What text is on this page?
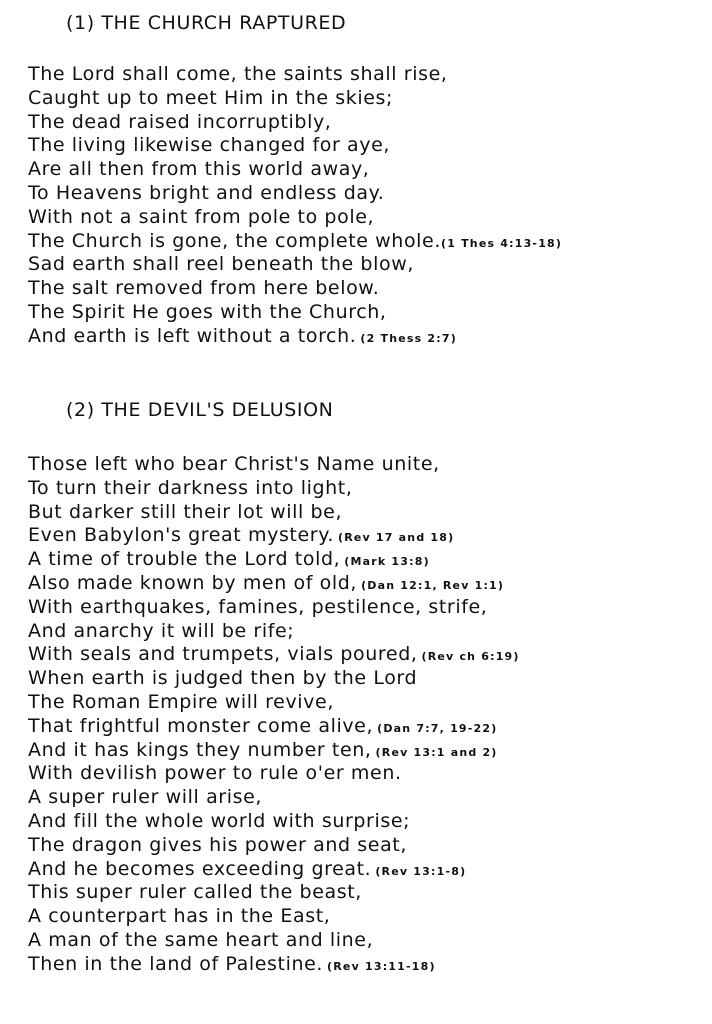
(1) THE CHURCH RAPTURED
The Lord shall come, the saints shall rise,
Caught up to meet Him in the skies;
The dead raised incorruptibly,
The living likewise changed for aye,
Are all then from this world away,
To Heavens bright and endless day.
With not a saint from pole to pole,
The Church is gone, the complete whole.(1 Thes 4:13-18)
Sad earth shall reel beneath the blow,
The salt removed from here below.
The Spirit He goes with the Church,
And earth is left without a torch. (2 Thess 2:7)
(2) THE DEVIL'S DELUSION
Those left who bear Christ's Name unite,
To turn their darkness into light,
But darker still their lot will be,
Even Babylon's great mystery. (Rev 17 and 18)
A time of trouble the Lord told, (Mark 13:8)
Also made known by men of old, (Dan 12:1, Rev 1:1)
With earthquakes, famines, pestilence, strife,
And anarchy it will be rife;
With seals and trumpets, vials poured, (Rev ch 6:19)
When earth is judged then by the Lord
The Roman Empire will revive,
That frightful monster come alive, (Dan 7:7, 19-22)
And it has kings they number ten, (Rev 13:1 and 2)
With devilish power to rule o'er men.
A super ruler will arise,
And fill the whole world with surprise;
The dragon gives his power and seat,
And he becomes exceeding great. (Rev 13:1-8)
This super ruler called the beast,
A counterpart has in the East,
A man of the same heart and line,
Then in the land of Palestine. (Rev 13:11-18)
